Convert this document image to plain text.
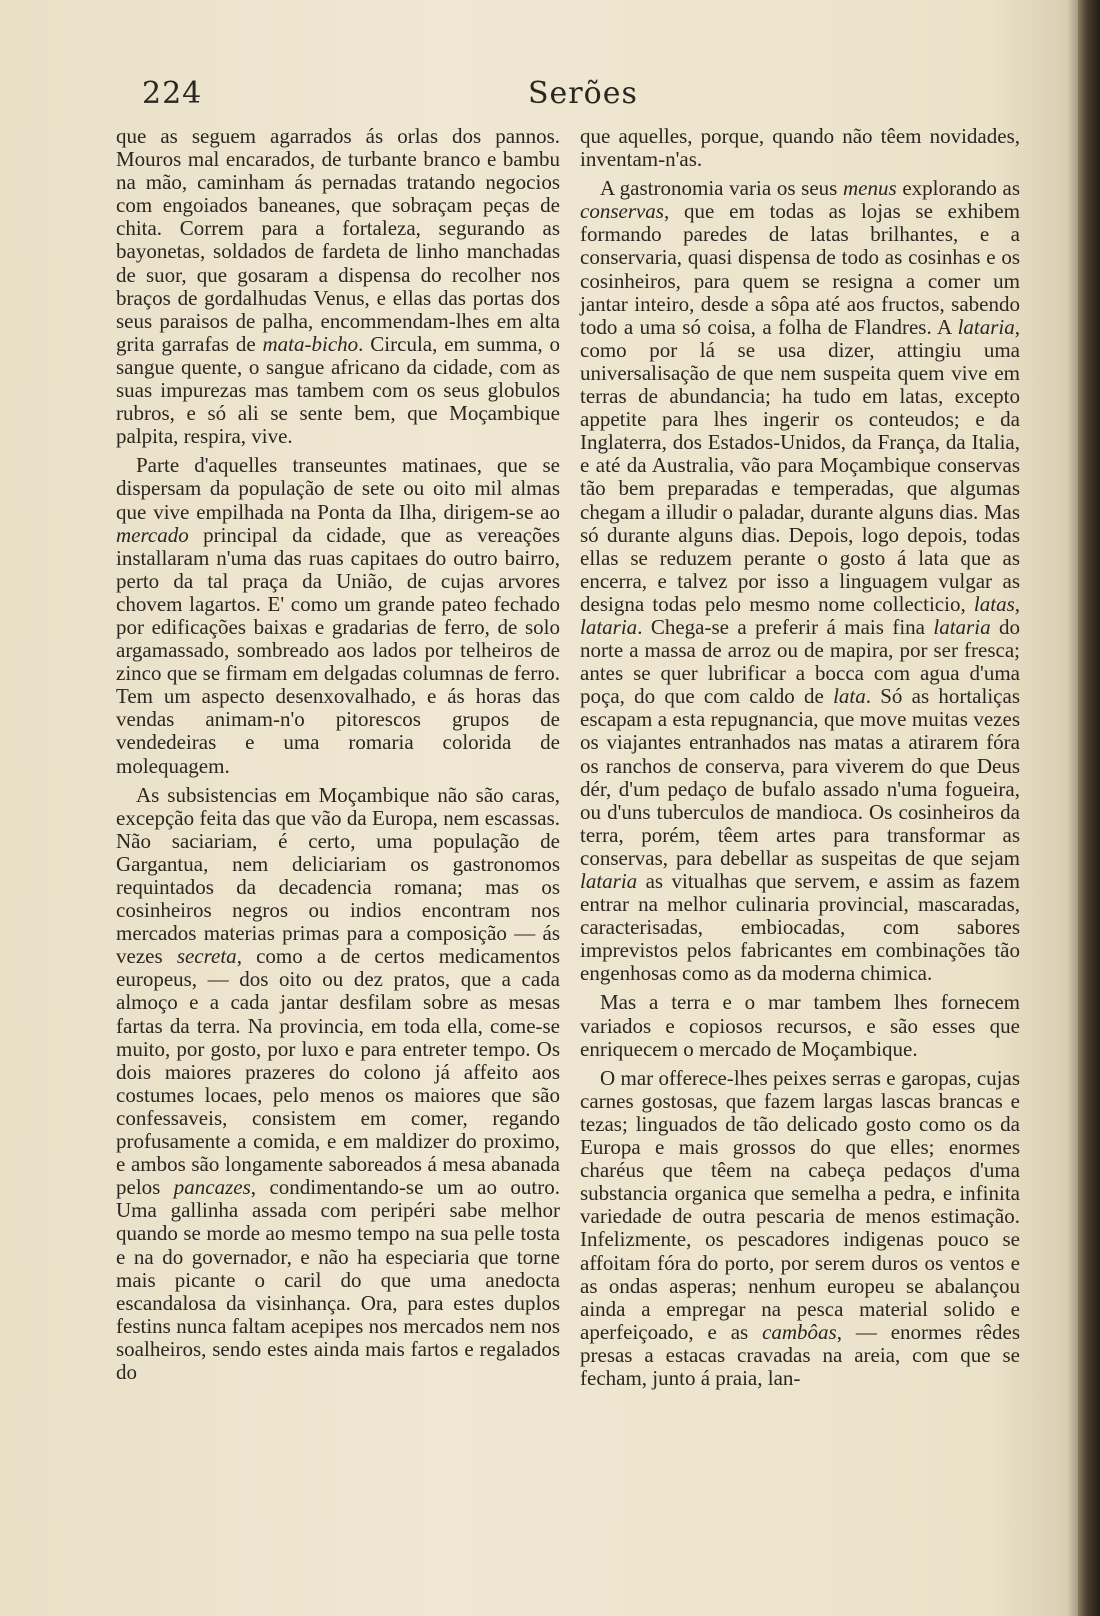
224	Serões

que as seguem agarrados ás orlas dos pannos. Mouros mal encarados, de turbante branco e bambu na mão, caminham ás pernadas tratando negocios com engoiados baneanes, que sobraçam peças de chita. Correm para a fortaleza, segurando as bayonetas, soldados de fardeta de linho manchadas de suor, que gosaram a dispensa do recolher nos braços de gordalhudas Venus, e ellas das portas dos seus paraisos de palha, encommendam-lhes em alta grita garrafas de mata-bicho. Circula, em summa, o sangue quente, o sangue africano da cidade, com as suas impurezas mas tambem com os seus globulos rubros, e só ali se sente bem, que Moçambique palpita, respira, vive.

Parte d'aquelles transeuntes matinaes, que se dispersam da população de sete ou oito mil almas que vive empilhada na Ponta da Ilha, dirigem-se ao mercado principal da cidade, que as vereações installaram n'uma das ruas capitaes do outro bairro, perto da tal praça da União, de cujas arvores chovem lagartos. E' como um grande pateo fechado por edificações baixas e gradarias de ferro, de solo argamassado, sombreado aos lados por telheiros de zinco que se firmam em delgadas columnas de ferro. Tem um aspecto desenxovalhado, e ás horas das vendas animam-n'o pitorescos grupos de vendedeiras e uma romaria colorida de molequagem.

As subsistencias em Moçambique não são caras, excepção feita das que vão da Europa, nem escassas. Não saciariam, é certo, uma população de Gargantua, nem deliciariam os gastronomos requintados da decadencia romana; mas os cosinheiros negros ou indios encontram nos mercados materias primas para a composição — ás vezes secreta, como a de certos medicamentos europeus, — dos oito ou dez pratos, que a cada almoço e a cada jantar desfilam sobre as mesas fartas da terra. Na provincia, em toda ella, come-se muito, por gosto, por luxo e para entreter tempo. Os dois maiores prazeres do colono já affeito aos costumes locaes, pelo menos os maiores que são confessaveis, consistem em comer, regando profusamente a comida, e em maldizer do proximo, e ambos são longamente saboreados á mesa abanada pelos pancazes, condimentando-se um ao outro. Uma gallinha assada com peripéri sabe melhor quando se morde ao mesmo tempo na sua pelle tosta e na do governador, e não ha especiaria que torne mais picante o caril do que uma anedocta escandalosa da visinhança. Ora, para estes duplos festins nunca faltam acepipes nos mercados nem nos soalheiros, sendo estes ainda mais fartos e regalados do

que aquelles, porque, quando não têem novidades, inventam-n'as.

A gastronomia varia os seus menus explorando as conservas, que em todas as lojas se exhibem formando paredes de latas brilhantes, e a conservaria, quasi dispensa de todo as cosinhas e os cosinheiros, para quem se resigna a comer um jantar inteiro, desde a sôpa até aos fructos, sabendo todo a uma só coisa, a folha de Flandres. A lataria, como por lá se usa dizer, attingiu uma universalisação de que nem suspeita quem vive em terras de abundancia; ha tudo em latas, excepto appetite para lhes ingerir os conteudos; e da Inglaterra, dos Estados-Unidos, da França, da Italia, e até da Australia, vão para Moçambique conservas tão bem preparadas e temperadas, que algumas chegam a illudir o paladar, durante alguns dias. Mas só durante alguns dias. Depois, logo depois, todas ellas se reduzem perante o gosto á lata que as encerra, e talvez por isso a linguagem vulgar as designa todas pelo mesmo nome collecticio, latas, lataria. Chega-se a preferir á mais fina lataria do norte a massa de arroz ou de mapira, por ser fresca; antes se quer lubrificar a bocca com agua d'uma poça, do que com caldo de lata. Só as hortaliças escapam a esta repugnancia, que move muitas vezes os viajantes entranhados nas matas a atirarem fóra os ranchos de conserva, para viverem do que Deus dér, d'um pedaço de bufalo assado n'uma fogueira, ou d'uns tuberculos de mandioca. Os cosinheiros da terra, porém, têem artes para transformar as conservas, para debellar as suspeitas de que sejam lataria as vitualhas que servem, e assim as fazem entrar na melhor culinaria provincial, mascaradas, caracterisadas, embiocadas, com sabores imprevistos pelos fabricantes em combinações tão engenhosas como as da moderna chimica.

Mas a terra e o mar tambem lhes fornecem variados e copiosos recursos, e são esses que enriquecem o mercado de Moçambique.

O mar offerece-lhes peixes serras e garopas, cujas carnes gostosas, que fazem largas lascas brancas e tezas; linguados de tão delicado gosto como os da Europa e mais grossos do que elles; enormes charéus que têem na cabeça pedaços d'uma substancia organica que semelha a pedra, e infinita variedade de outra pescaria de menos estimação. Infelizmente, os pescadores indigenas pouco se affoitam fóra do porto, por serem duros os ventos e as ondas asperas; nenhum europeu se abalançou ainda a empregar na pesca material solido e aperfeiçoado, e as cambôas, — enormes rêdes presas a estacas cravadas na areia, com que se fecham, junto á praia, lan-
